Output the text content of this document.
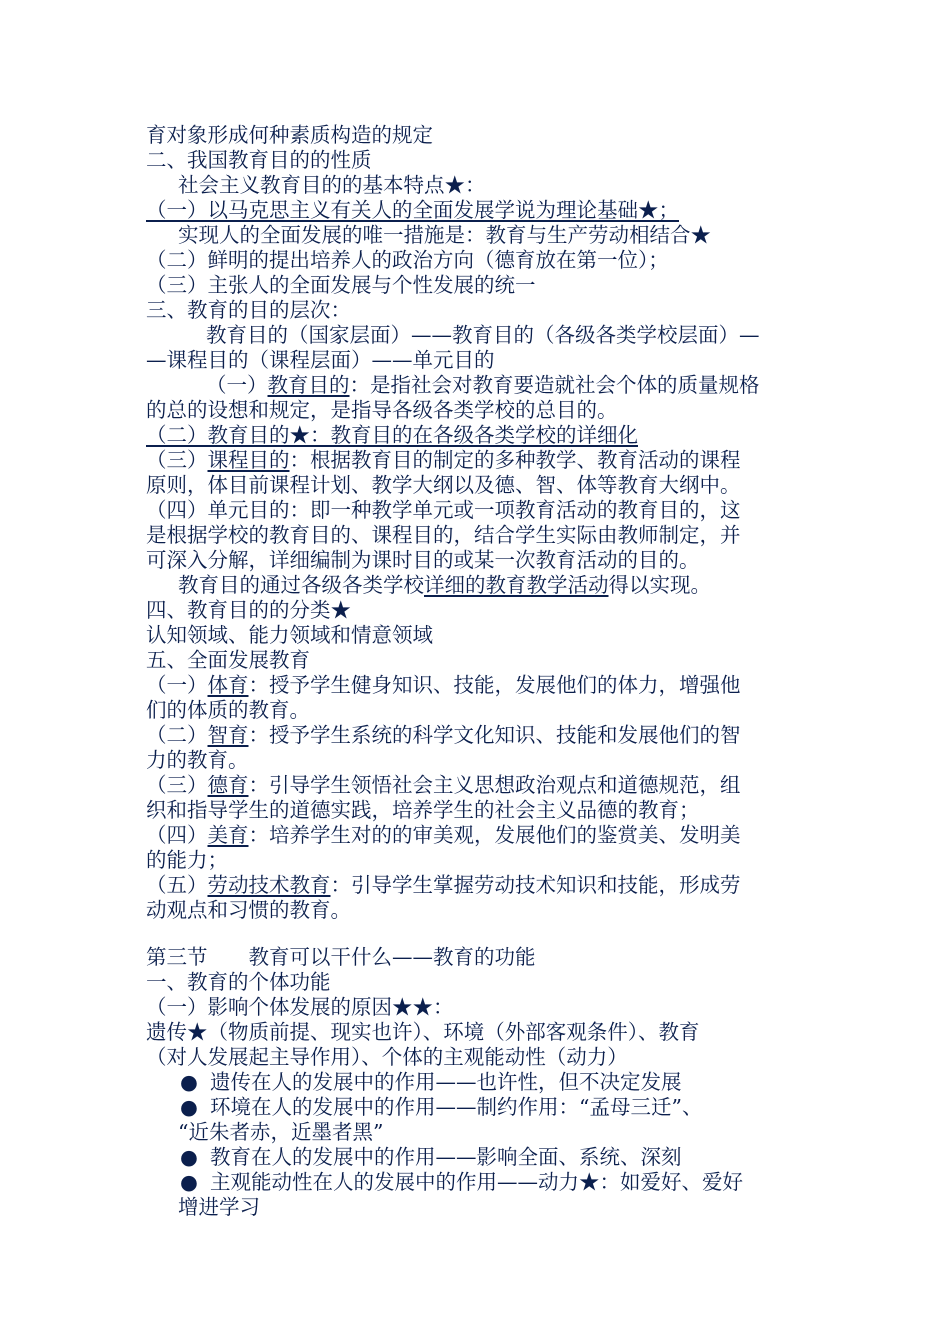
育对象形成何种素质构造的规定
二、我国教育目的的性质
社会主义教育目的的基本特点★：
（一）以马克思主义有关人的全面发展学说为理论基础★；
实现人的全面发展的唯一措施是：教育与生产劳动相结合★
（二）鲜明的提出培养人的政治方向（德育放在第一位）；
（三）主张人的全面发展与个性发展的统一
三、教育的目的层次：
教育目的（国家层面）——教育目的（各级各类学校层面）—
—课程目的（课程层面）——单元目的
（一）教育目的：是指社会对教育要造就社会个体的质量规格
的总的设想和规定，是指导各级各类学校的总目的。
（二）教育目的★：教育目的在各级各类学校的详细化
（三）课程目的：根据教育目的制定的多种教学、教育活动的课程
原则，体目前课程计划、教学大纲以及德、智、体等教育大纲中。
（四）单元目的：即一种教学单元或一项教育活动的教育目的，这
是根据学校的教育目的、课程目的，结合学生实际由教师制定，并
可深入分解，详细编制为课时目的或某一次教育活动的目的。
教育目的通过各级各类学校详细的教育教学活动得以实现。
四、教育目的的分类★
认知领域、能力领域和情意领域
五、全面发展教育
（一）体育：授予学生健身知识、技能，发展他们的体力，增强他
们的体质的教育。
（二）智育：授予学生系统的科学文化知识、技能和发展他们的智
力的教育。
（三）德育：引导学生领悟社会主义思想政治观点和道德规范，组
织和指导学生的道德实践，培养学生的社会主义品德的教育；
（四）美育：培养学生对的的审美观，发展他们的鉴赏美、发明美
的能力；
（五）劳动技术教育：引导学生掌握劳动技术知识和技能，形成劳
动观点和习惯的教育。
第三节　　教育可以干什么——教育的功能
一、教育的个体功能
（一）影响个体发展的原因★★：
遗传★（物质前提、现实也许）、环境（外部客观条件）、教育
（对人发展起主导作用）、个体的主观能动性（动力）
● 遗传在人的发展中的作用——也许性，但不决定发展
● 环境在人的发展中的作用——制约作用：“孟母三迁”、
“近朱者赤，近墨者黑”
● 教育在人的发展中的作用——影响全面、系统、深刻
● 主观能动性在人的发展中的作用——动力★：如爱好、爱好
增进学习
